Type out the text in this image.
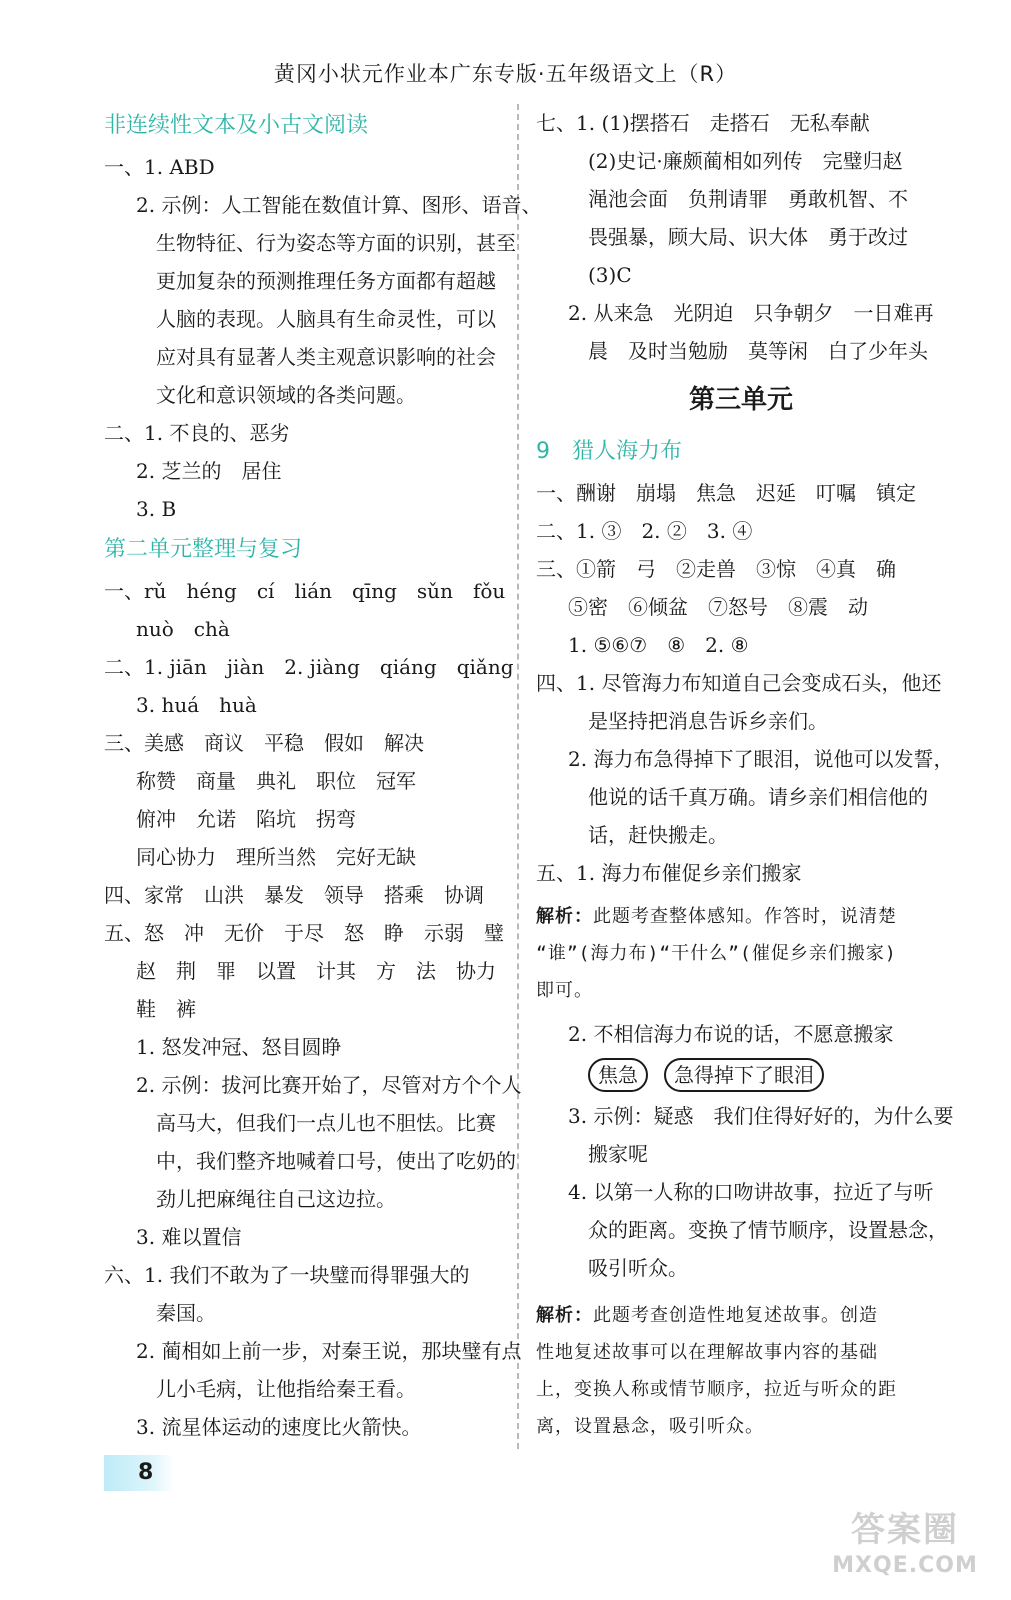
黄冈小状元作业本广东专版·五年级语文上（R）
非连续性文本及小古文阅读
一、1. ABD
2. 示例：人工智能在数值计算、图形、语音、
生物特征、行为姿态等方面的识别，甚至
更加复杂的预测推理任务方面都有超越
人脑的表现。人脑具有生命灵性，可以
应对具有显著人类主观意识影响的社会
文化和意识领域的各类问题。
二、1. 不良的、恶劣
2. 芝兰的　居住
3. B
第二单元整理与复习
一、rǔ　héng　cí　lián　qīng　sǔn　fǒu
nuò　chà
二、1. jiān　jiàn　2. jiàng　qiáng　qiǎng
3. huá　huà
三、美感　商议　平稳　假如　解决
称赞　商量　典礼　职位　冠军
俯冲　允诺　陷坑　拐弯
同心协力　理所当然　完好无缺
四、家常　山洪　暴发　领导　搭乘　协调
五、怒　冲　无价　于尽　怒　睁　示弱　璧
赵　荆　罪　以置　计其　方　法　协力
鞋　裤
1. 怒发冲冠、怒目圆睁
2. 示例：拔河比赛开始了，尽管对方个个人
高马大，但我们一点儿也不胆怯。比赛
中，我们整齐地喊着口号，使出了吃奶的
劲儿把麻绳往自己这边拉。
3. 难以置信
六、1. 我们不敢为了一块璧而得罪强大的
秦国。
2. 蔺相如上前一步，对秦王说，那块璧有点
儿小毛病，让他指给秦王看。
3. 流星体运动的速度比火箭快。
七、1. (1)摆搭石　走搭石　无私奉献
(2)史记·廉颇蔺相如列传　完璧归赵
渑池会面　负荆请罪　勇敢机智、不
畏强暴，顾大局、识大体　勇于改过
(3)C
2. 从来急　光阴迫　只争朝夕　一日难再
晨　及时当勉励　莫等闲　白了少年头
第三单元
9　猎人海力布
一、酬谢　崩塌　焦急　迟延　叮嘱　镇定
二、1. ③　2. ②　3. ④
三、①箭　弓　②走兽　③惊　④真　确
⑤密　⑥倾盆　⑦怒号　⑧震　动
1. ⑤⑥⑦　⑧　2. ⑧
四、1. 尽管海力布知道自己会变成石头，他还
是坚持把消息告诉乡亲们。
2. 海力布急得掉下了眼泪，说他可以发誓，
他说的话千真万确。请乡亲们相信他的
话，赶快搬走。
五、1. 海力布催促乡亲们搬家
解析：此题考查整体感知。作答时，说清楚
“谁”(海力布)“干什么”(催促乡亲们搬家)
即可。
2. 不相信海力布说的话，不愿意搬家
焦急 急得掉下了眼泪
3. 示例：疑惑　我们住得好好的，为什么要
搬家呢
4. 以第一人称的口吻讲故事，拉近了与听
众的距离。变换了情节顺序，设置悬念，
吸引听众。
解析：此题考查创造性地复述故事。创造
性地复述故事可以在理解故事内容的基础
上，变换人称或情节顺序，拉近与听众的距
离，设置悬念，吸引听众。
8
答案圈
MXQE.COM
